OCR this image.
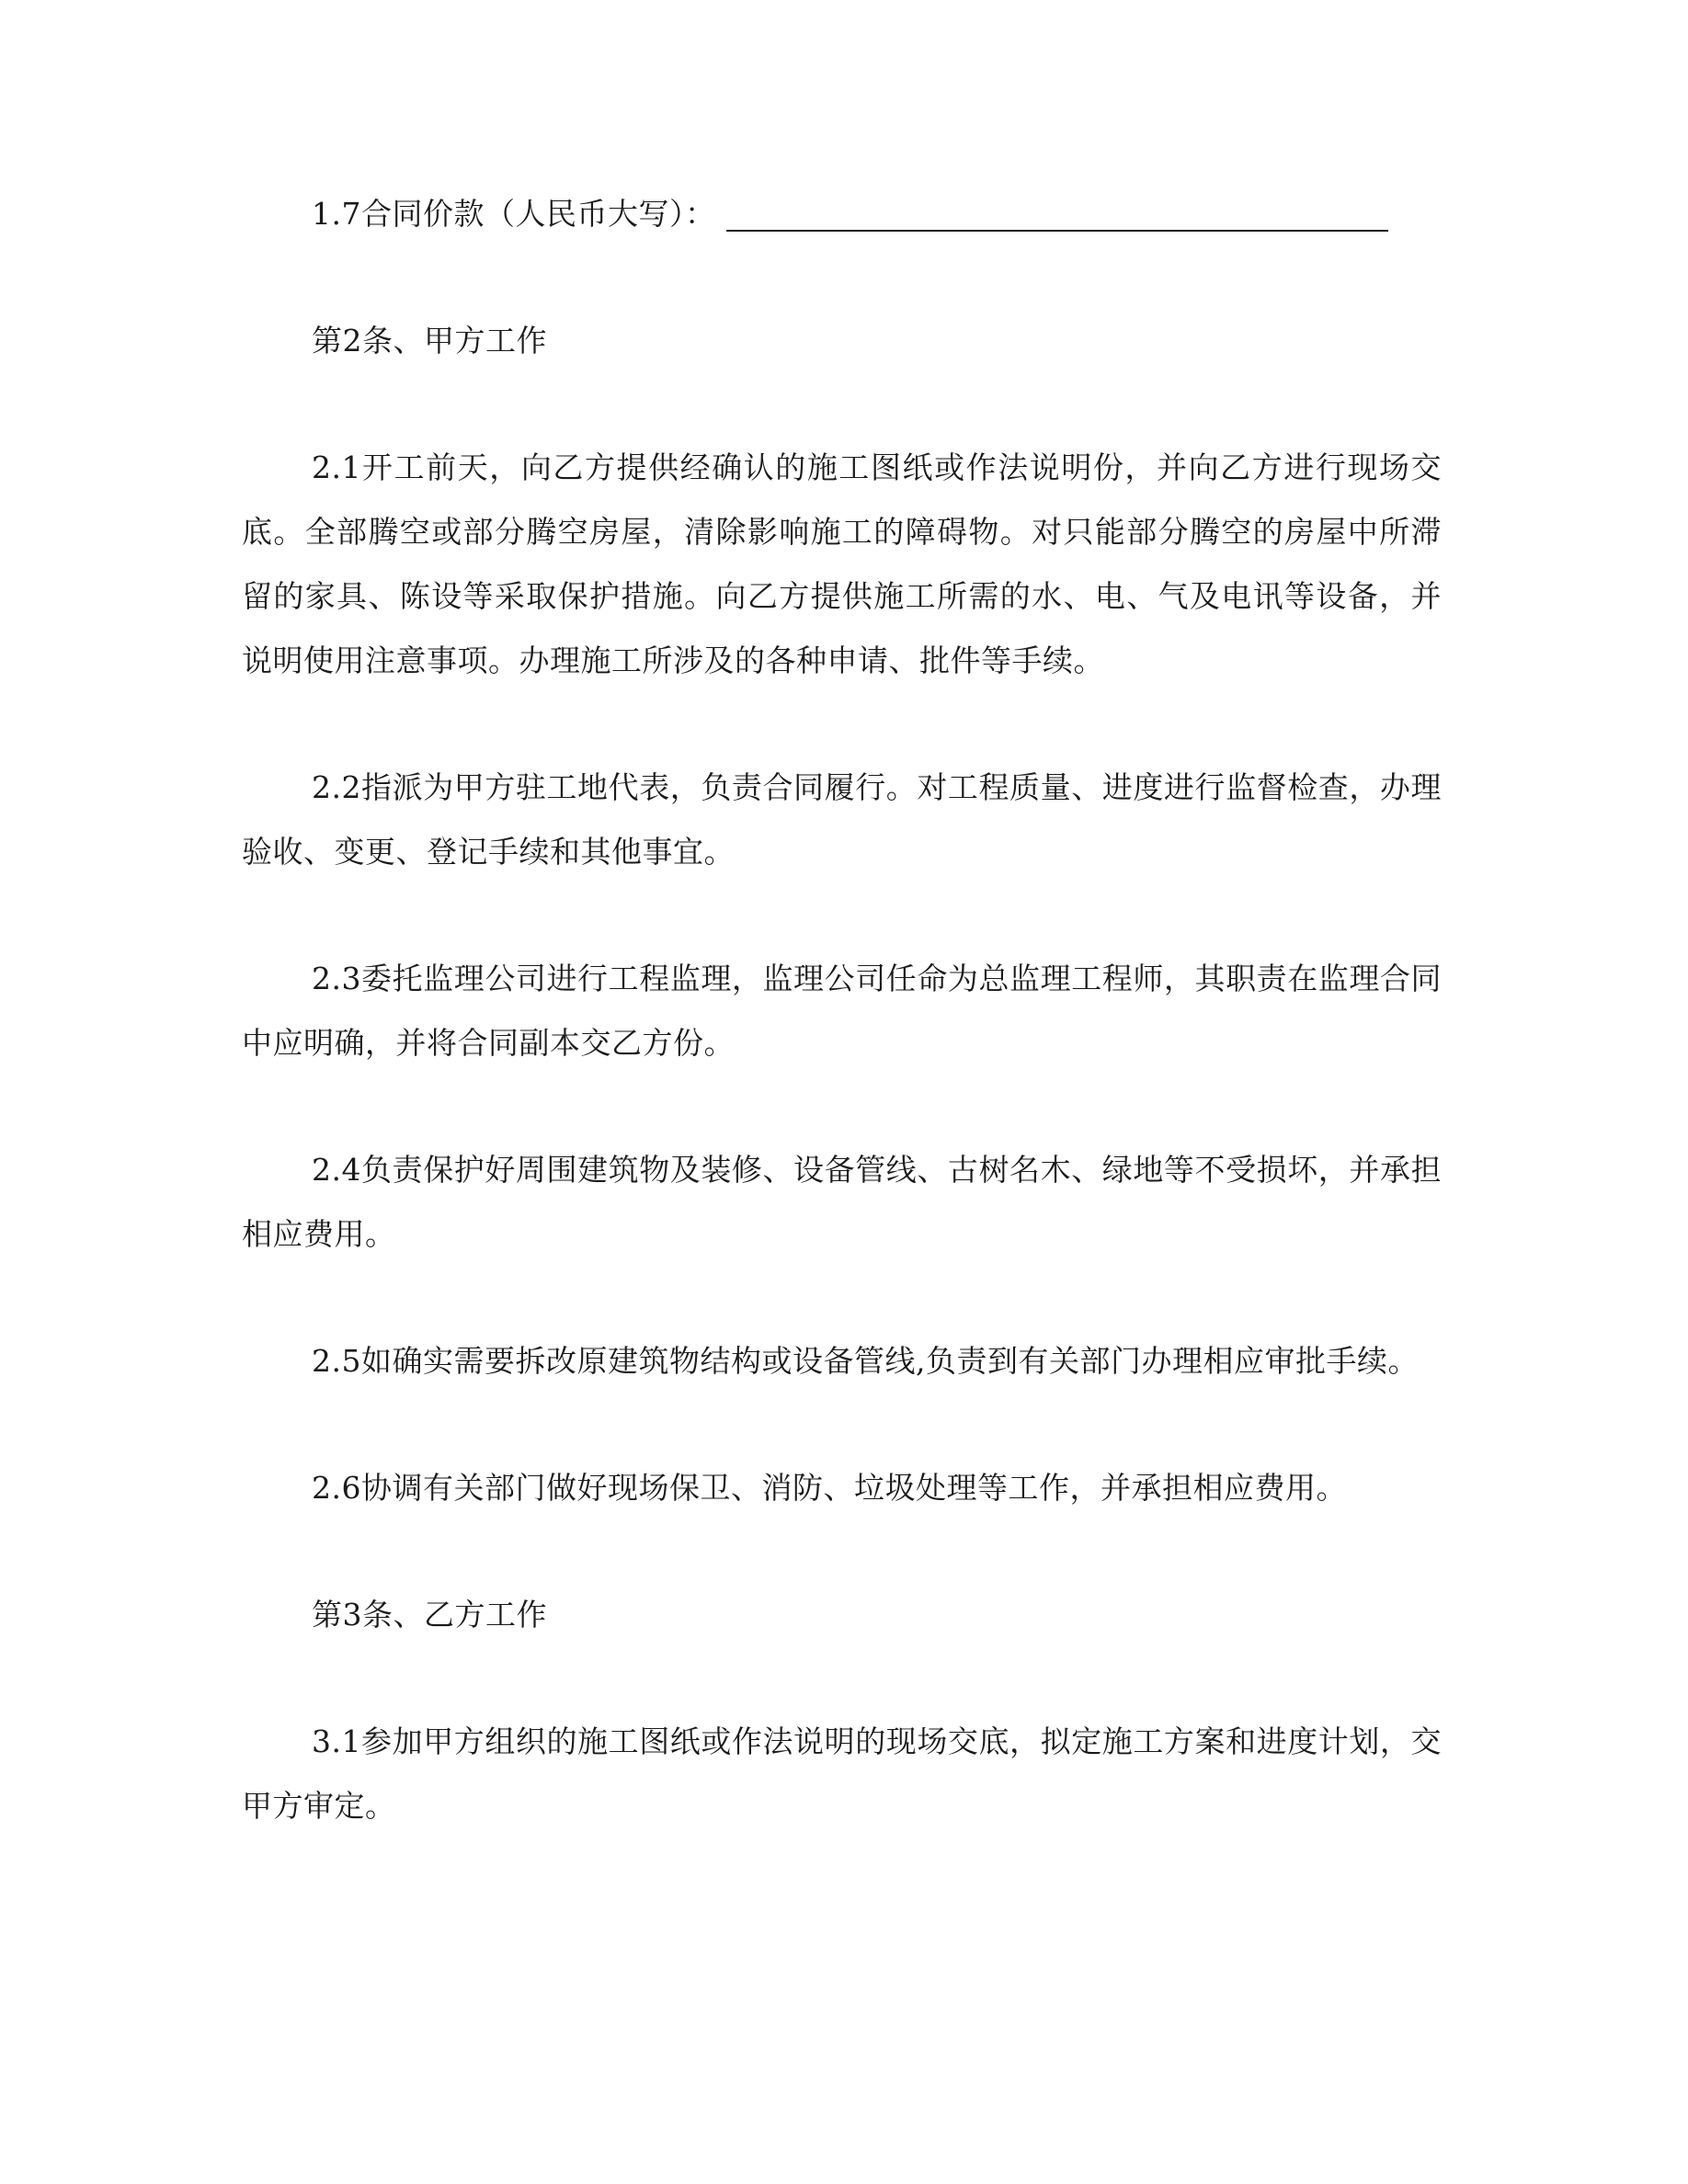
1.7合同价款（人民币大写）：

第2条、甲方工作

2.1开工前天，向乙方提供经确认的施工图纸或作法说明份，并向乙方进行现场交底。全部腾空或部分腾空房屋，清除影响施工的障碍物。对只能部分腾空的房屋中所滞留的家具、陈设等采取保护措施。向乙方提供施工所需的水、电、气及电讯等设备，并说明使用注意事项。办理施工所涉及的各种申请、批件等手续。

2.2指派为甲方驻工地代表，负责合同履行。对工程质量、进度进行监督检查，办理验收、变更、登记手续和其他事宜。

2.3委托监理公司进行工程监理，监理公司任命为总监理工程师，其职责在监理合同中应明确，并将合同副本交乙方份。

2.4负责保护好周围建筑物及装修、设备管线、古树名木、绿地等不受损坏，并承担相应费用。

2.5如确实需要拆改原建筑物结构或设备管线,负责到有关部门办理相应审批手续。

2.6协调有关部门做好现场保卫、消防、垃圾处理等工作，并承担相应费用。

第3条、乙方工作

3.1参加甲方组织的施工图纸或作法说明的现场交底，拟定施工方案和进度计划，交甲方审定。
